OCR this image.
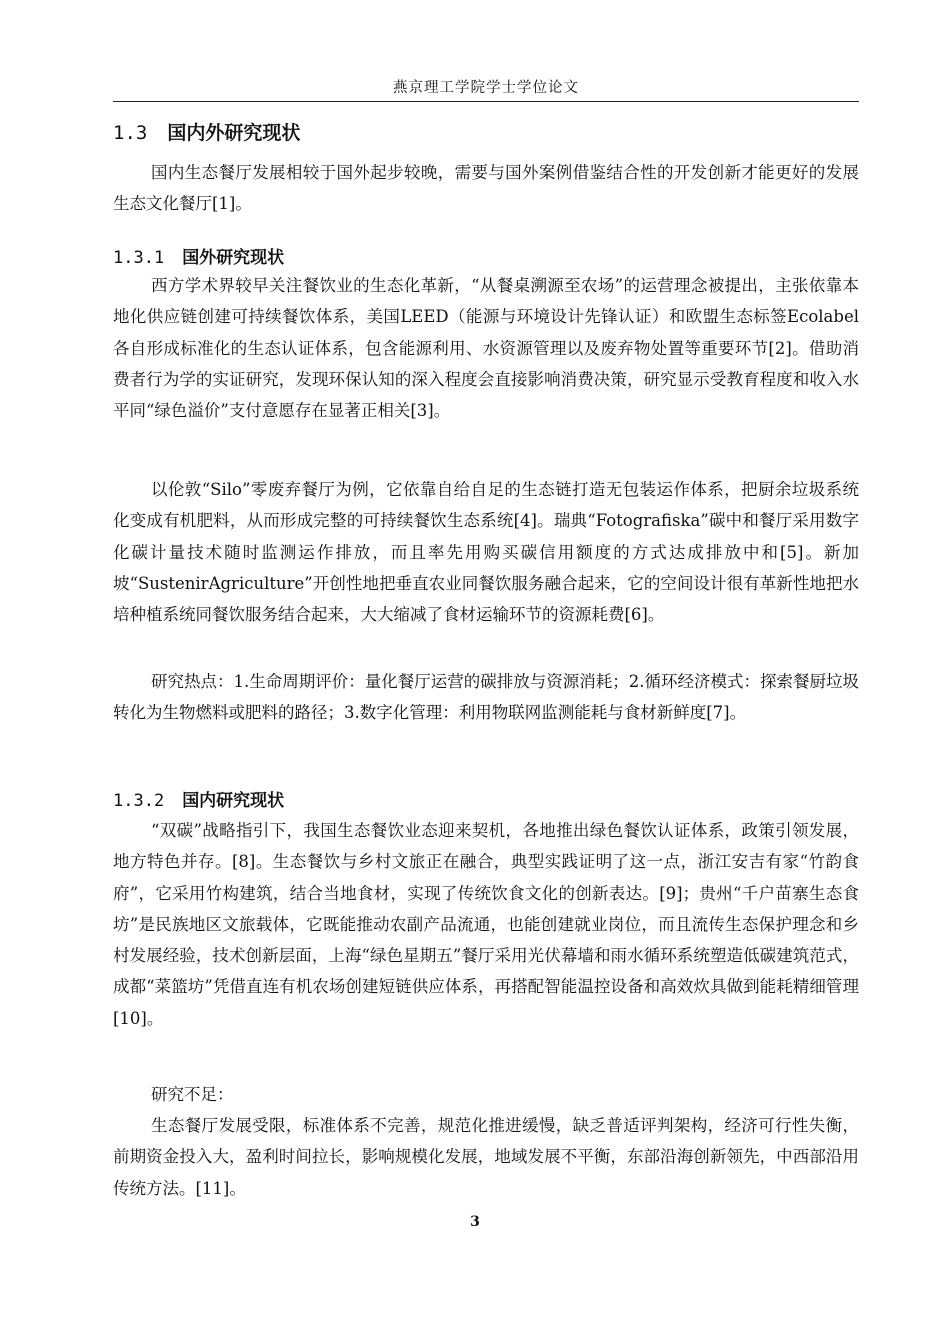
燕京理工学院学士学位论文
1.3 国内外研究现状

国内生态餐厅发展相较于国外起步较晚，需要与国外案例借鉴结合性的开发创新才能更好的发展生态文化餐厅[1]。

1.3.1 国外研究现状

西方学术界较早关注餐饮业的生态化革新，“从餐桌溯源至农场”的运营理念被提出，主张依靠本地化供应链创建可持续餐饮体系，美国LEED（能源与环境设计先锋认证）和欧盟生态标签Ecolabel各自形成标准化的生态认证体系，包含能源利用、水资源管理以及废弃物处置等重要环节[2]。借助消费者行为学的实证研究，发现环保认知的深入程度会直接影响消费决策，研究显示受教育程度和收入水平同“绿色溢价”支付意愿存在显著正相关[3]。

以伦敦“Silo”零废弃餐厅为例，它依靠自给自足的生态链打造无包装运作体系，把厨余垃圾系统化变成有机肥料，从而形成完整的可持续餐饮生态系统[4]。瑞典“Fotografiska”碳中和餐厅采用数字化碳计量技术随时监测运作排放，而且率先用购买碳信用额度的方式达成排放中和[5]。新加坡“SustenirAgriculture”开创性地把垂直农业同餐饮服务融合起来，它的空间设计很有革新性地把水培种植系统同餐饮服务结合起来，大大缩减了食材运输环节的资源耗费[6]。

研究热点：1.生命周期评价：量化餐厅运营的碳排放与资源消耗；2.循环经济模式：探索餐厨垃圾转化为生物燃料或肥料的路径；3.数字化管理：利用物联网监测能耗与食材新鲜度[7]。

1.3.2 国内研究现状

“双碳”战略指引下，我国生态餐饮业态迎来契机，各地推出绿色餐饮认证体系，政策引领发展，地方特色并存。[8]。生态餐饮与乡村文旅正在融合，典型实践证明了这一点，浙江安吉有家“竹韵食府”，它采用竹构建筑，结合当地食材，实现了传统饮食文化的创新表达。[9]；贵州“千户苗寨生态食坊”是民族地区文旅载体，它既能推动农副产品流通，也能创建就业岗位，而且流传生态保护理念和乡村发展经验，技术创新层面，上海“绿色星期五”餐厅采用光伏幕墙和雨水循环系统塑造低碳建筑范式，成都“菜篮坊”凭借直连有机农场创建短链供应体系，再搭配智能温控设备和高效炊具做到能耗精细管理[10]。

研究不足：

生态餐厅发展受限，标准体系不完善，规范化推进缓慢，缺乏普适评判架构，经济可行性失衡，前期资金投入大，盈利时间拉长，影响规模化发展，地域发展不平衡，东部沿海创新领先，中西部沿用传统方法。[11]。

3
